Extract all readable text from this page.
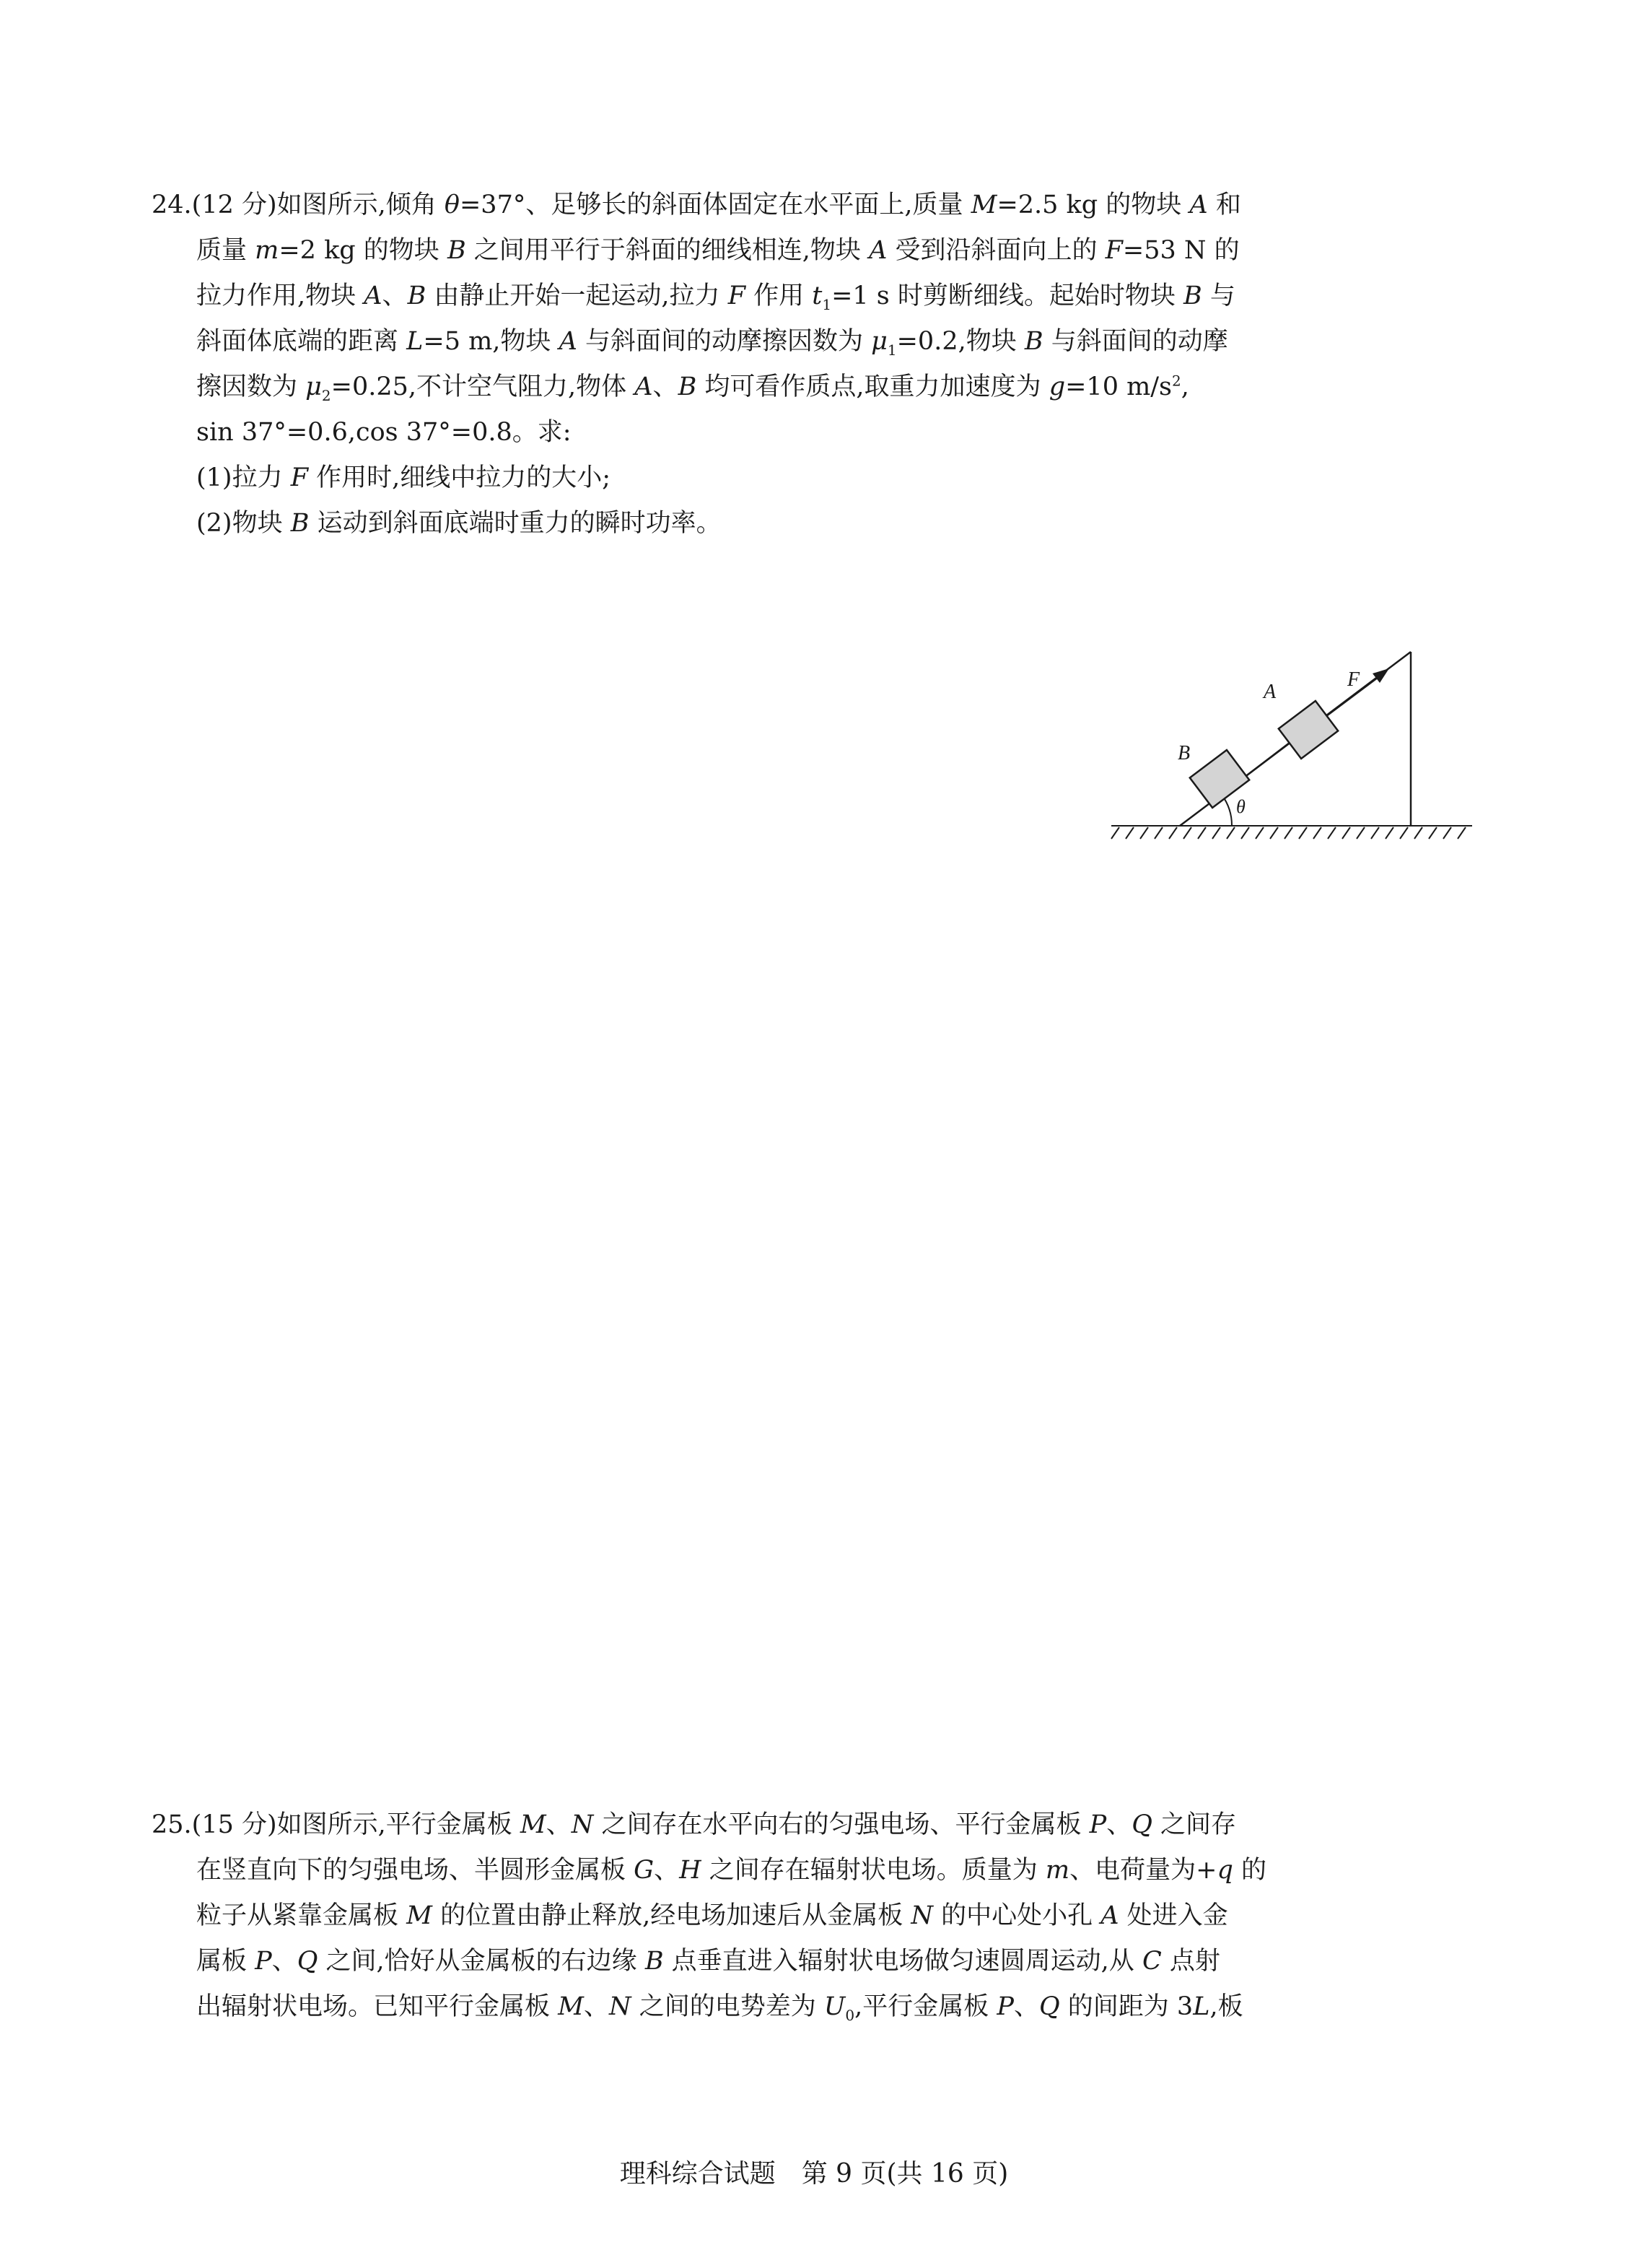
24.(12 分)如图所示,倾角 θ=37°、足够长的斜面体固定在水平面上,质量 M=2.5 kg 的物块 A 和
质量 m=2 kg 的物块 B 之间用平行于斜面的细线相连,物块 A 受到沿斜面向上的 F=53 N 的
拉力作用,物块 A、B 由静止开始一起运动,拉力 F 作用 $t_1=1$ s 时剪断细线。起始时物块 B 与
斜面体底端的距离 L=5 m,物块 A 与斜面间的动摩擦因数为 $\mu_1=0.2$,物块 B 与斜面间的动摩
擦因数为 $\mu_2=0.25$,不计空气阻力,物体 A、B 均可看作质点,取重力加速度为 g=10 $m/s^2$,
sin 37°=0.6,cos 37°=0.8。求:
(1)拉力 F 作用时,细线中拉力的大小;
(2)物块 B 运动到斜面底端时重力的瞬时功率。
F
A
B
θ
25.(15 分)如图所示,平行金属板 M、N 之间存在水平向右的匀强电场、平行金属板 P、Q 之间存
在竖直向下的匀强电场、半圆形金属板 G、H 之间存在辐射状电场。质量为 m、电荷量为+q 的
粒子从紧靠金属板 M 的位置由静止释放,经电场加速后从金属板 N 的中心处小孔 A 处进入金
属板 P、Q 之间,恰好从金属板的右边缘 B 点垂直进入辐射状电场做匀速圆周运动,从 C 点射
出辐射状电场。已知平行金属板 M、N 之间的电势差为 $U_0$,平行金属板 P、Q 的间距为 3L,板
理科综合试题　第 9 页(共 16 页)
